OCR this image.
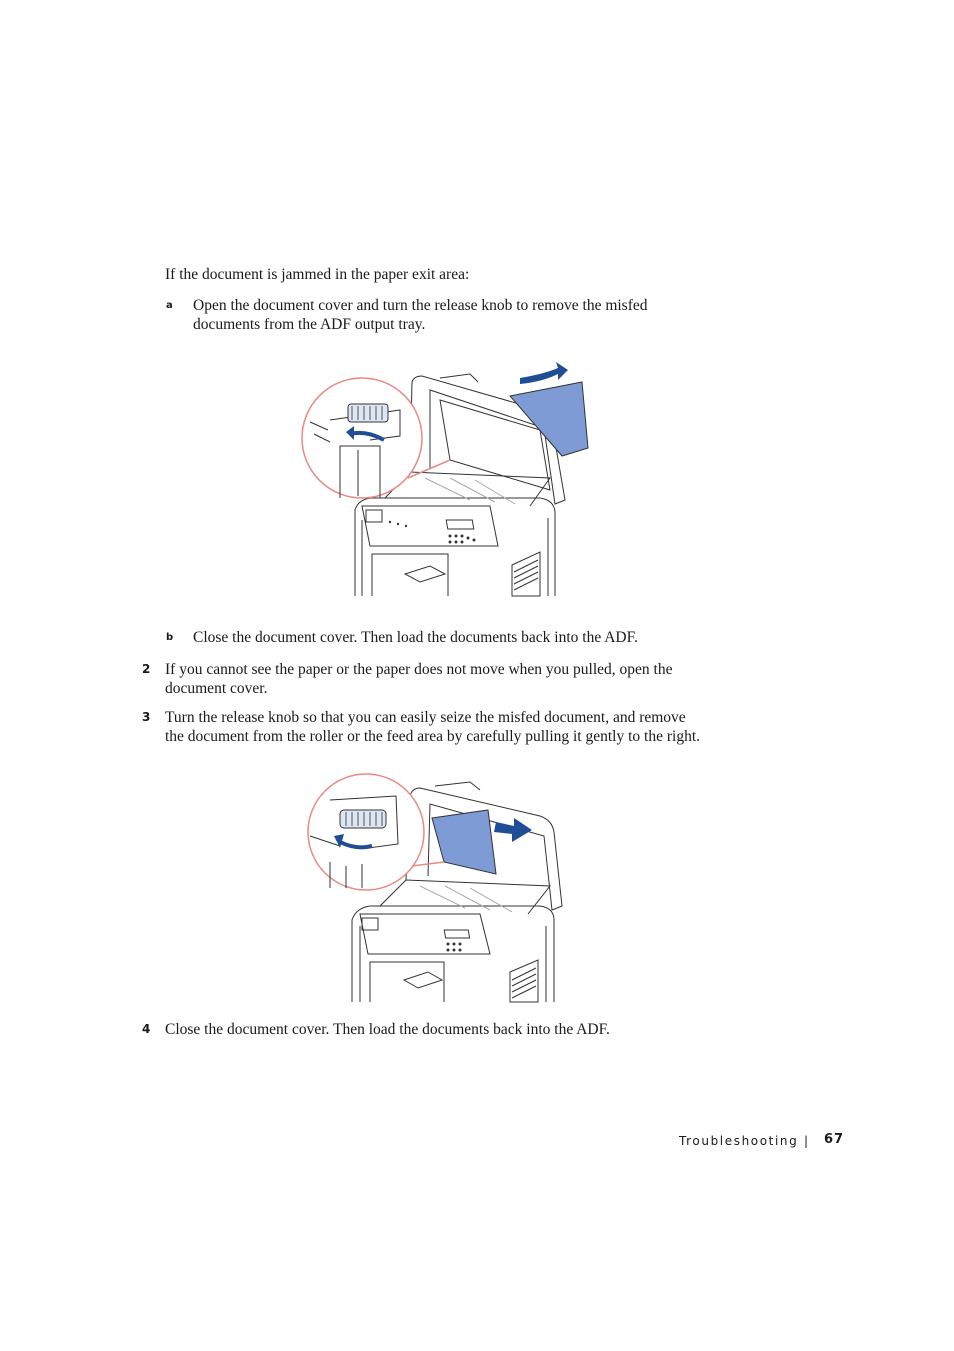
If the document is jammed in the paper exit area:
a Open the document cover and turn the release knob to remove the misfed
documents from the ADF output tray.
b Close the document cover. Then load the documents back into the ADF.
2 If you cannot see the paper or the paper does not move when you pulled, open the
document cover.
3 Turn the release knob so that you can easily seize the misfed document, and remove
the document from the roller or the feed area by carefully pulling it gently to the right.
4 Close the document cover. Then load the documents back into the ADF.
Troubleshooting | 67
